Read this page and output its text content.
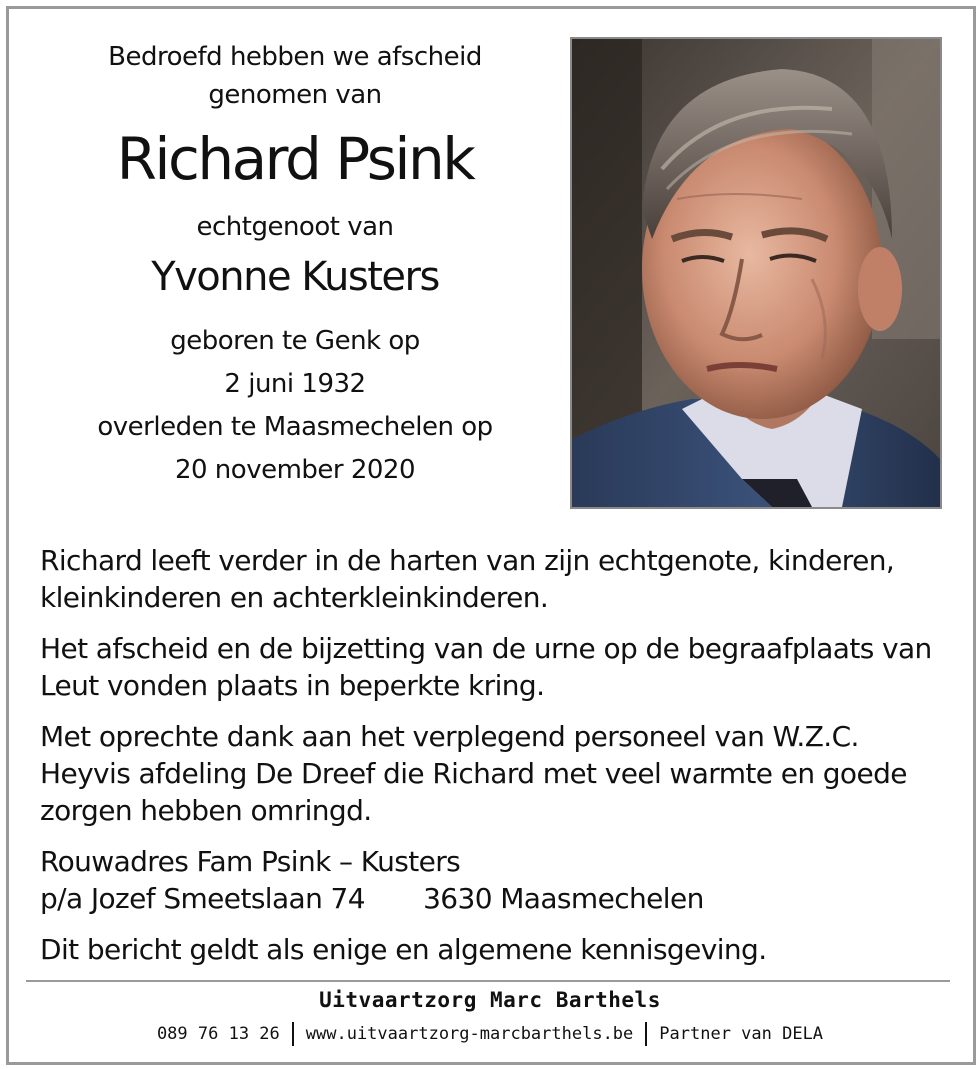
Bedroefd hebben we afscheid
genomen van
Richard Psink
echtgenoot van
Yvonne Kusters
geboren te Genk op
2 juni 1932
overleden te Maasmechelen op
20 november 2020

Richard leeft verder in de harten van zijn echtgenote, kinderen, kleinkinderen en achterkleinkinderen.

Het afscheid en de bijzetting van de urne op de begraafplaats van Leut vonden plaats in beperkte kring.

Met oprechte dank aan het verplegend personeel van W.Z.C. Heyvis afdeling De Dreef die Richard met veel warmte en goede zorgen hebben omringd.

Rouwadres Fam Psink – Kusters
p/a Jozef Smeetslaan 74 3630 Maasmechelen

Dit bericht geldt als enige en algemene kennisgeving.

Uitvaartzorg Marc Barthels
089 76 13 26 www.uitvaartzorg-marcbarthels.be Partner van DELA
